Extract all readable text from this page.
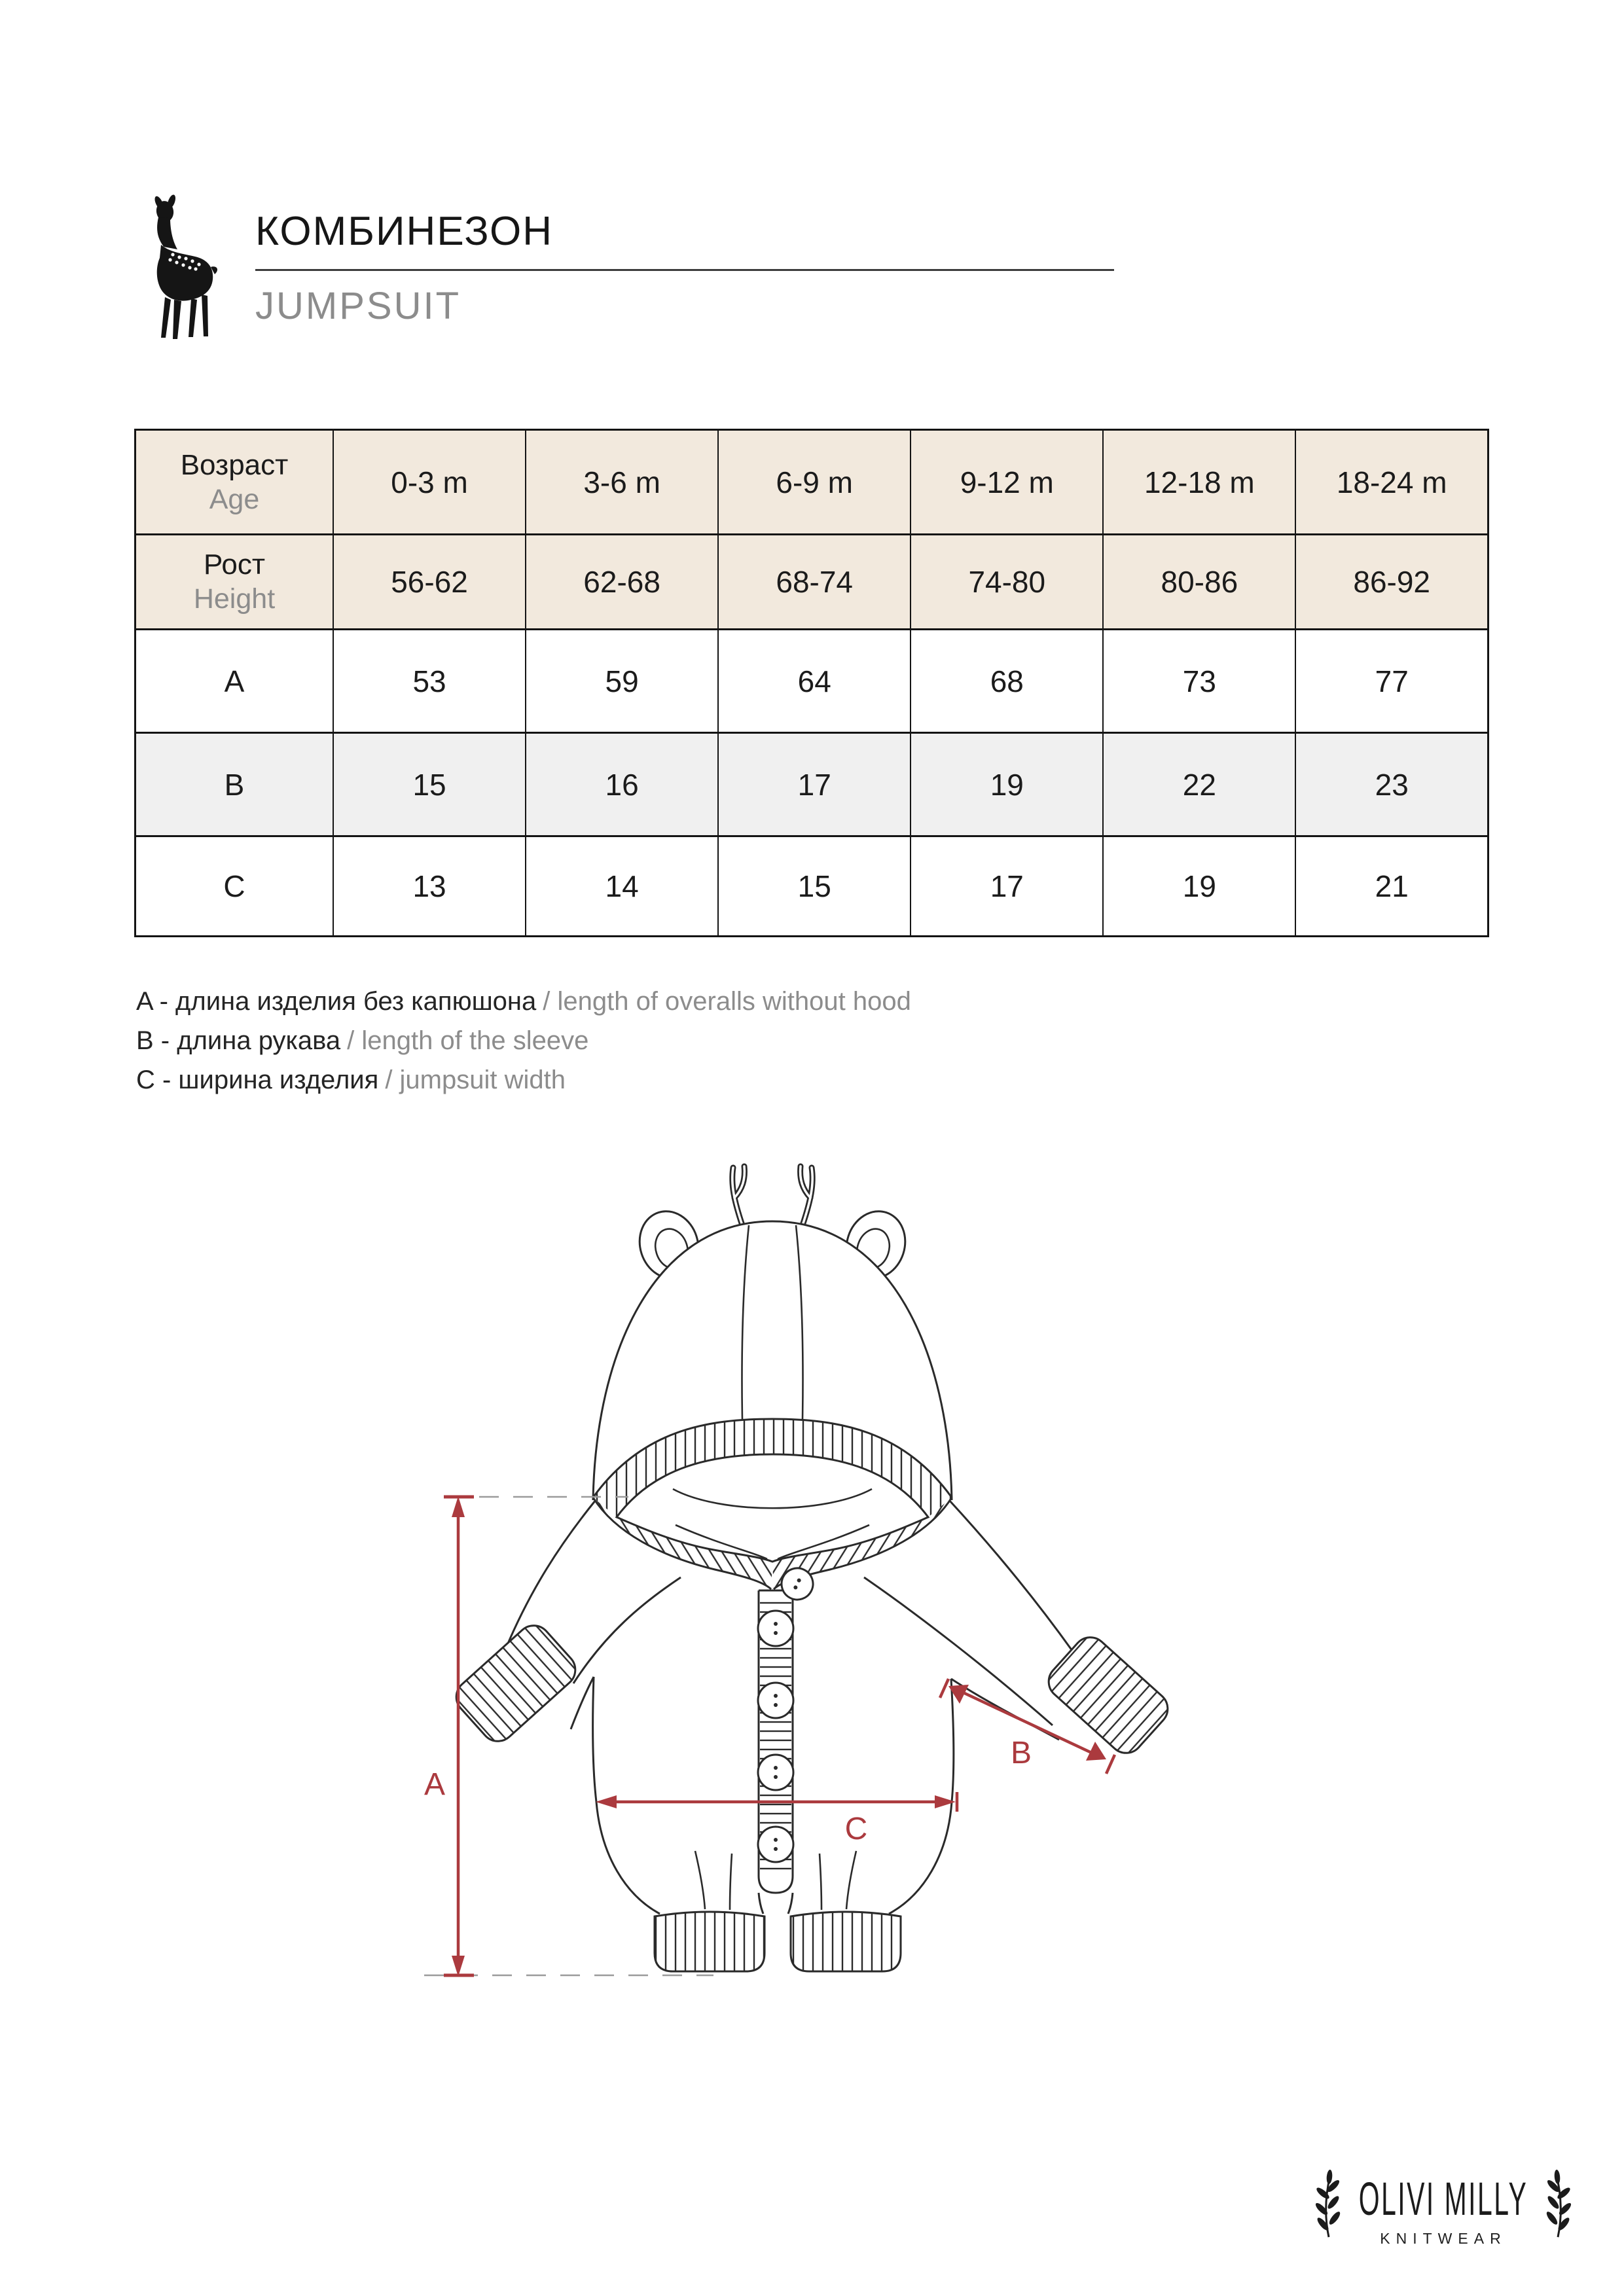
КОМБИНЕЗОН
JUMPSUIT
Возраст
Age	0-3 m	3-6 m	6-9 m	9-12 m	12-18 m	18-24 m

Рост
Height	56-62	62-68	68-74	74-80	80-86	86-92
A	53	59	64	68	73	77
B	15	16	17	19	22	23
C	13	14	15	17	19	21
A - длина изделия без капюшона / length of overalls without hood
B - длина рукава / length of the sleeve
C - ширина изделия / jumpsuit width
A
B
C
OLIVI MILLY
KNITWEAR
